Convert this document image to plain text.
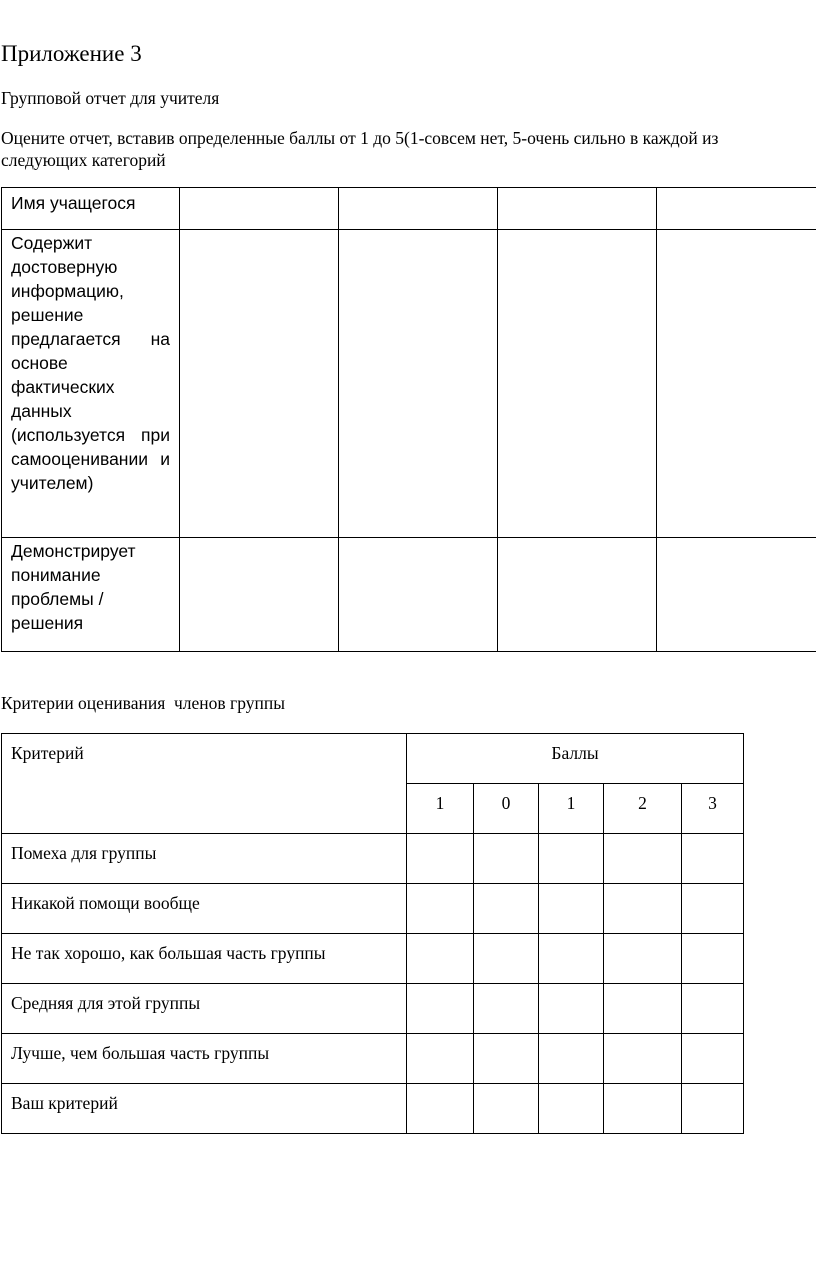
Приложение 3
Групповой отчет для учителя
Оцените отчет, вставив определенные баллы от 1 до 5(1-совсем нет, 5-очень сильно в каждой из следующих категорий
Имя учащегося				
Содержит достоверную информацию, решение предлагается на основе фактических данных (используется при самооценивании и учителем)				
Демонстрирует понимание проблемы /решения				
Критерии оценивания  членов группы
Критерий	Баллы				
	1	0	1	2	3
Помеха для группы					
Никакой помощи вообще					
Не так хорошо, как большая часть группы					
Средняя для этой группы					
Лучше, чем большая часть группы					
Ваш критерий					
